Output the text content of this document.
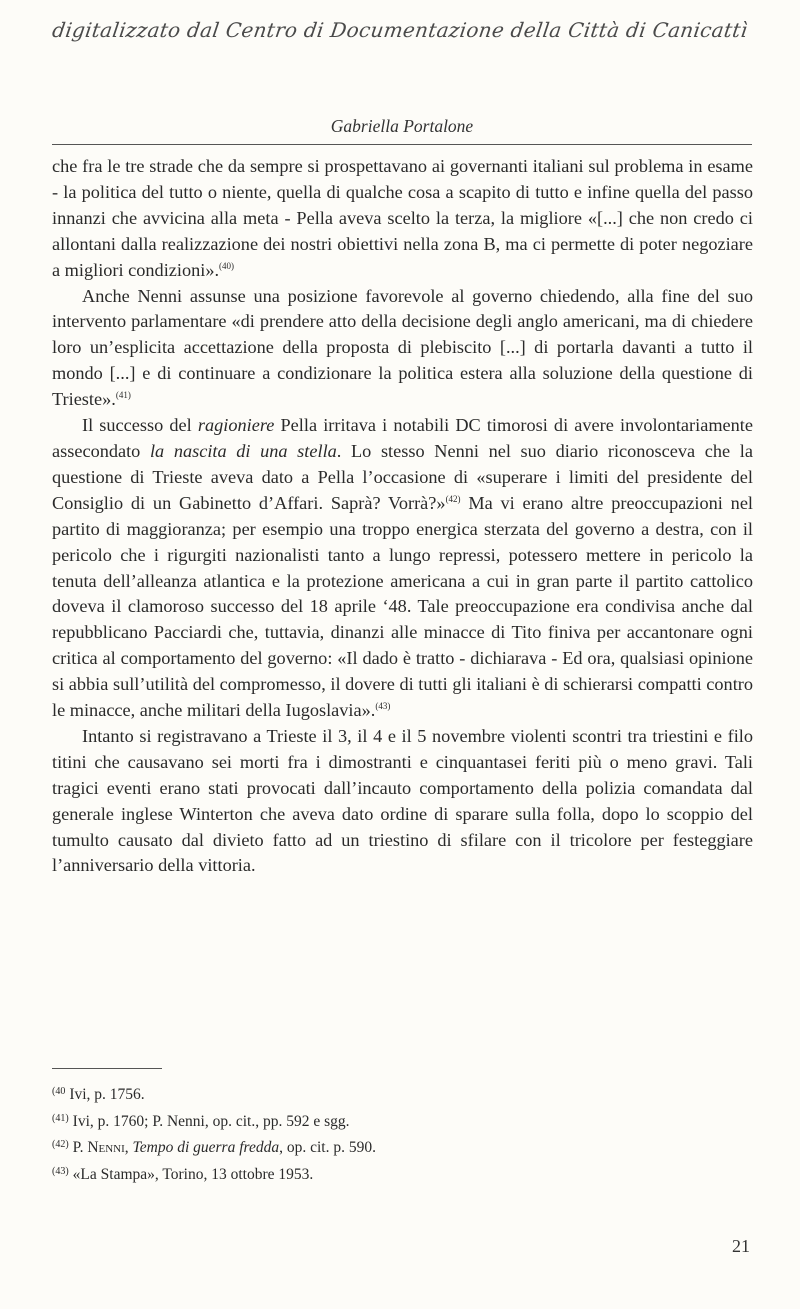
digitalizzato dal Centro di Documentazione della Città di Canicattì
Gabriella Portalone

che fra le tre strade che da sempre si prospettavano ai governanti italiani sul problema in esame - la politica del tutto o niente, quella di qualche cosa a scapito di tutto e infine quella del passo innanzi che avvicina alla meta - Pella aveva scelto la terza, la migliore «[...] che non credo ci allontani dalla realizzazione dei nostri obiettivi nella zona B, ma ci permette di poter negoziare a migliori condizioni».$^{(40)}$

Anche Nenni assunse una posizione favorevole al governo chiedendo, alla fine del suo intervento parlamentare «di prendere atto della decisione degli anglo americani, ma di chiedere loro un’esplicita accettazione della proposta di plebiscito [...] di portarla davanti a tutto il mondo [...] e di continuare a condizionare la politica estera alla soluzione della questione di Trieste».$^{(41)}$

Il successo del ragioniere Pella irritava i notabili DC timorosi di avere involontariamente assecondato la nascita di una stella. Lo stesso Nenni nel suo diario riconosceva che la questione di Trieste aveva dato a Pella l’occasione di «superare i limiti del presidente del Consiglio di un Gabinetto d’Affari. Saprà? Vorrà?»$^{(42)}$ Ma vi erano altre preoccupazioni nel partito di maggioranza; per esempio una troppo energica sterzata del governo a destra, con il pericolo che i rigurgiti nazionalisti tanto a lungo repressi, potessero mettere in pericolo la tenuta dell’alleanza atlantica e la protezione americana a cui in gran parte il partito cattolico doveva il clamoroso successo del 18 aprile ‘48. Tale preoccupazione era condivisa anche dal repubblicano Pacciardi che, tuttavia, dinanzi alle minacce di Tito finiva per accantonare ogni critica al comportamento del governo: «Il dado è tratto - dichiarava - Ed ora, qualsiasi opinione si abbia sull’utilità del compromesso, il dovere di tutti gli italiani è di schierarsi compatti contro le minacce, anche militari della Iugoslavia».$^{(43)}$

Intanto si registravano a Trieste il 3, il 4 e il 5 novembre violenti scontri tra triestini e filo titini che causavano sei morti fra i dimostranti e cinquantasei feriti più o meno gravi. Tali tragici eventi erano stati provocati dall’incauto comportamento della polizia comandata dal generale inglese Winterton che aveva dato ordine di sparare sulla folla, dopo lo scoppio del tumulto causato dal divieto fatto ad un triestino di sfilare con il tricolore per festeggiare l’anniversario della vittoria.

$^{(40}$ Ivi, p. 1756.

$^{(41)}$ Ivi, p. 1760; P. Nenni, op. cit., pp. 592 e sgg.

$^{(42)}$ P. Nenni, Tempo di guerra fredda, op. cit. p. 590.

$^{(43)}$ «La Stampa», Torino, 13 ottobre 1953.

21
